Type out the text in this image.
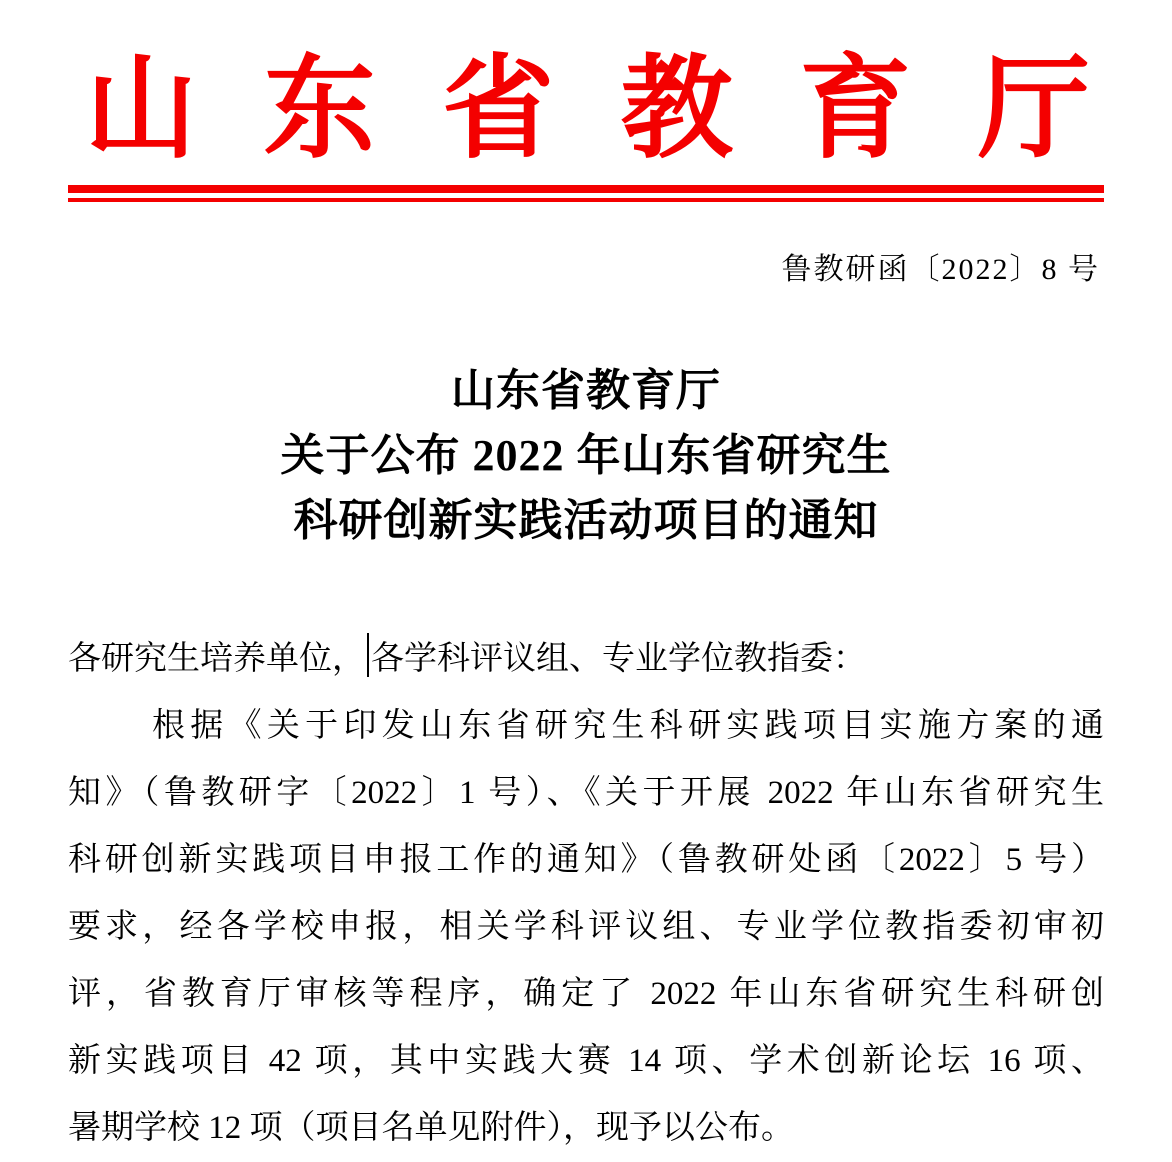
山 东 省 教 育 厅
鲁教研函〔2022〕8 号
山东省教育厅
关于公布 2022 年山东省研究生
科研创新实践活动项目的通知
各研究生培养单位， 各学科评议组、专业学位教指委：
根据《关于印发山东省研究生科研实践项目实施方案的通
知》（鲁教研字〔2022〕1 号）、《关于开展 2022 年山东省研究生
科研创新实践项目申报工作的通知》（鲁教研处函〔2022〕5 号）
要求，经各学校申报，相关学科评议组、专业学位教指委初审初
评，省教育厅审核等程序，确定了 2022 年山东省研究生科研创
新实践项目 42 项，其中实践大赛 14 项、学术创新论坛 16 项、
暑期学校 12 项（项目名单见附件），现予以公布。
